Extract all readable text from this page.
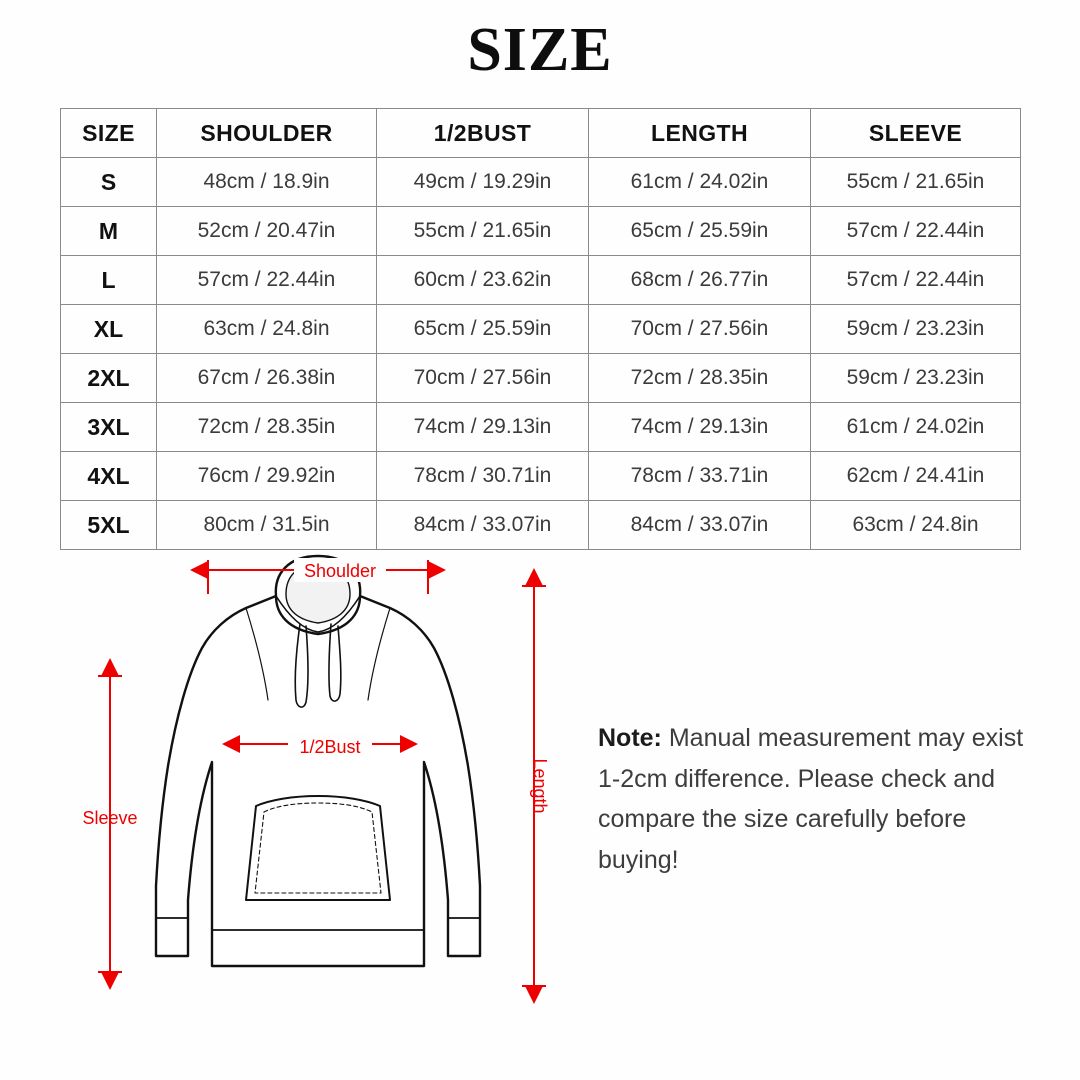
SIZE
SIZE	SHOULDER	1/2BUST	LENGTH	SLEEVE
S	48cm / 18.9in	49cm / 19.29in	61cm / 24.02in	55cm / 21.65in
M	52cm / 20.47in	55cm / 21.65in	65cm / 25.59in	57cm / 22.44in
L	57cm / 22.44in	60cm / 23.62in	68cm / 26.77in	57cm / 22.44in
XL	63cm / 24.8in	65cm / 25.59in	70cm / 27.56in	59cm / 23.23in
2XL	67cm / 26.38in	70cm / 27.56in	72cm / 28.35in	59cm / 23.23in
3XL	72cm / 28.35in	74cm / 29.13in	74cm / 29.13in	61cm / 24.02in
4XL	76cm / 29.92in	78cm / 30.71in	78cm / 33.71in	62cm / 24.41in
5XL	80cm / 31.5in	84cm / 33.07in	84cm / 33.07in	63cm / 24.8in
Shoulder
1/2Bust
Length
Sleeve
Note: Manual measurement may exist 1-2cm difference. Please check and compare the size carefully before buying!
